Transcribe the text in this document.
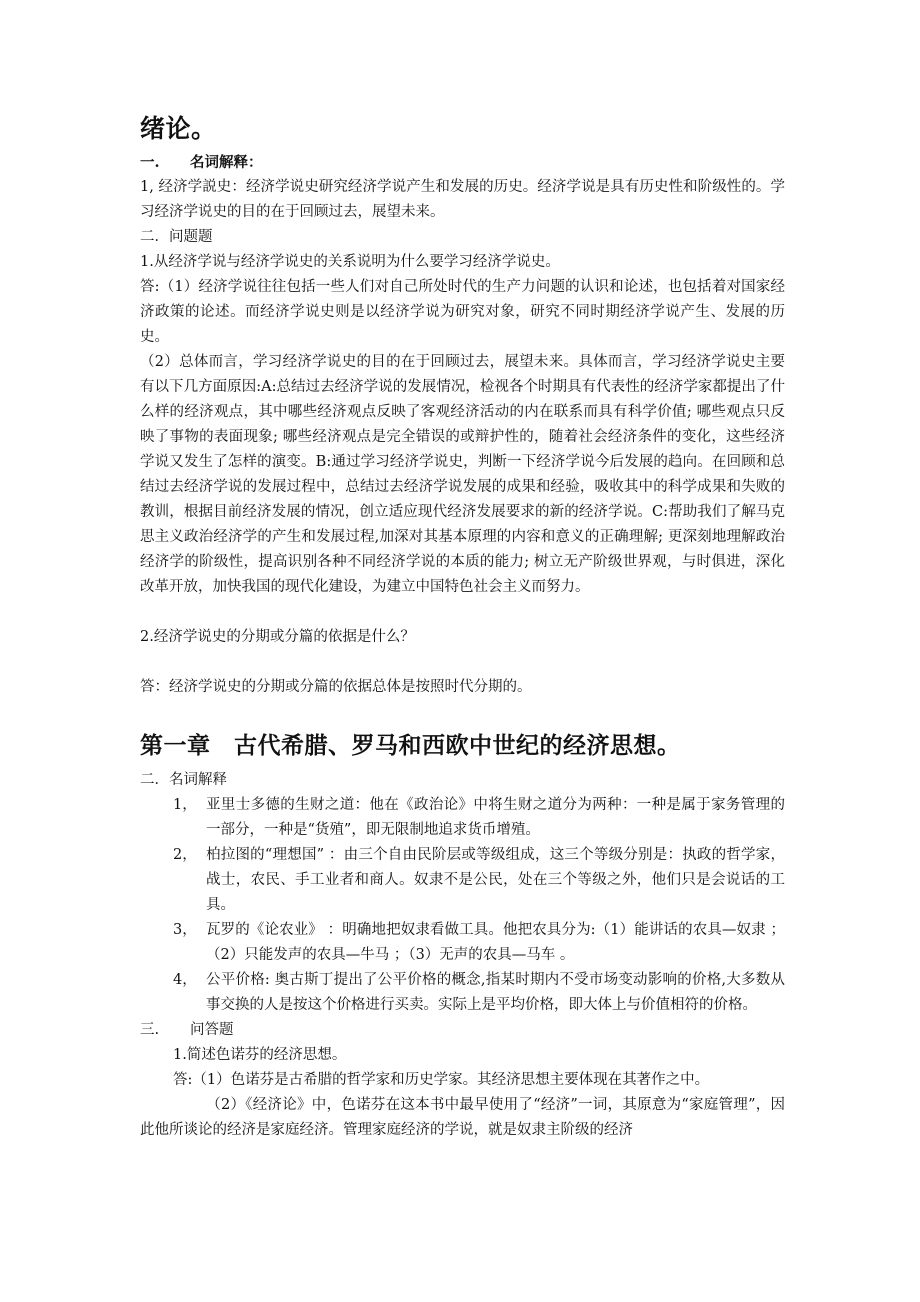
绪论。
一. 名词解释：

1, 经济学説史：经济学说史研究经济学说产生和发展的历史。经济学说是具有历史性和阶级性的。学习经济学说史的目的在于回顾过去，展望未来。

二．问题题

1.从经济学说与经济学说史的关系说明为什么要学习经济学说史。

答:（1）经济学说往往包括一些人们对自己所处时代的生产力问题的认识和论述，也包括着对国家经济政策的论述。而经济学说史则是以经济学说为研究对象，研究不同时期经济学说产生、发展的历史。

（2）总体而言，学习经济学说史的目的在于回顾过去，展望未来。具体而言，学习经济学说史主要有以下几方面原因:A:总结过去经济学说的发展情况，检视各个时期具有代表性的经济学家都提出了什么样的经济观点，其中哪些经济观点反映了客观经济活动的内在联系而具有科学价值; 哪些观点只反映了事物的表面现象; 哪些经济观点是完全错误的或辩护性的，随着社会经济条件的变化，这些经济学说又发生了怎样的演变。B:通过学习经济学说史，判断一下经济学说今后发展的趋向。在回顾和总结过去经济学说的发展过程中，总结过去经济学说发展的成果和经验，吸收其中的科学成果和失败的教训，根据目前经济发展的情况，创立适应现代经济发展要求的新的经济学说。C:帮助我们了解马克思主义政治经济学的产生和发展过程,加深对其基本原理的内容和意义的正确理解; 更深刻地理解政治经济学的阶级性，提高识别各种不同经济学说的本质的能力; 树立无产阶级世界观，与时俱进，深化改革开放，加快我国的现代化建设，为建立中国特色社会主义而努力。

2.经济学说史的分期或分篇的依据是什么？

答：经济学说史的分期或分篇的依据总体是按照时代分期的。

第一章　古代希腊、罗马和西欧中世纪的经济思想。
二．名词解释
1， 亚里士多德的生财之道：他在《政治论》中将生财之道分为两种：一种是属于家务管理的一部分，一种是“货殖”，即无限制地追求货币增殖。
2， 柏拉图的“理想国” ：由三个自由民阶层或等级组成，这三个等级分别是：执政的哲学家，战士，农民、手工业者和商人。奴隶不是公民，处在三个等级之外，他们只是会说话的工具。
3， 瓦罗的《论农业》 ：明确地把奴隶看做工具。他把农具分为:（1）能讲话的农具—奴隶 ；（2）只能发声的农具—牛马 ；（3）无声的农具—马车 。
4， 公平价格: 奥古斯丁提出了公平价格的概念,指某时期内不受市场变动影响的价格,大多数从事交换的人是按这个价格进行买卖。实际上是平均价格，即大体上与价值相符的价格。
三. 问答题

1.简述色诺芬的经济思想。

答:（1）色诺芬是古希腊的哲学家和历史学家。其经济思想主要体现在其著作之中。

（2）《经济论》中，色诺芬在这本书中最早使用了“经济”一词，其原意为“家庭管理”，因此他所谈论的经济是家庭经济。管理家庭经济的学说，就是奴隶主阶级的经济
